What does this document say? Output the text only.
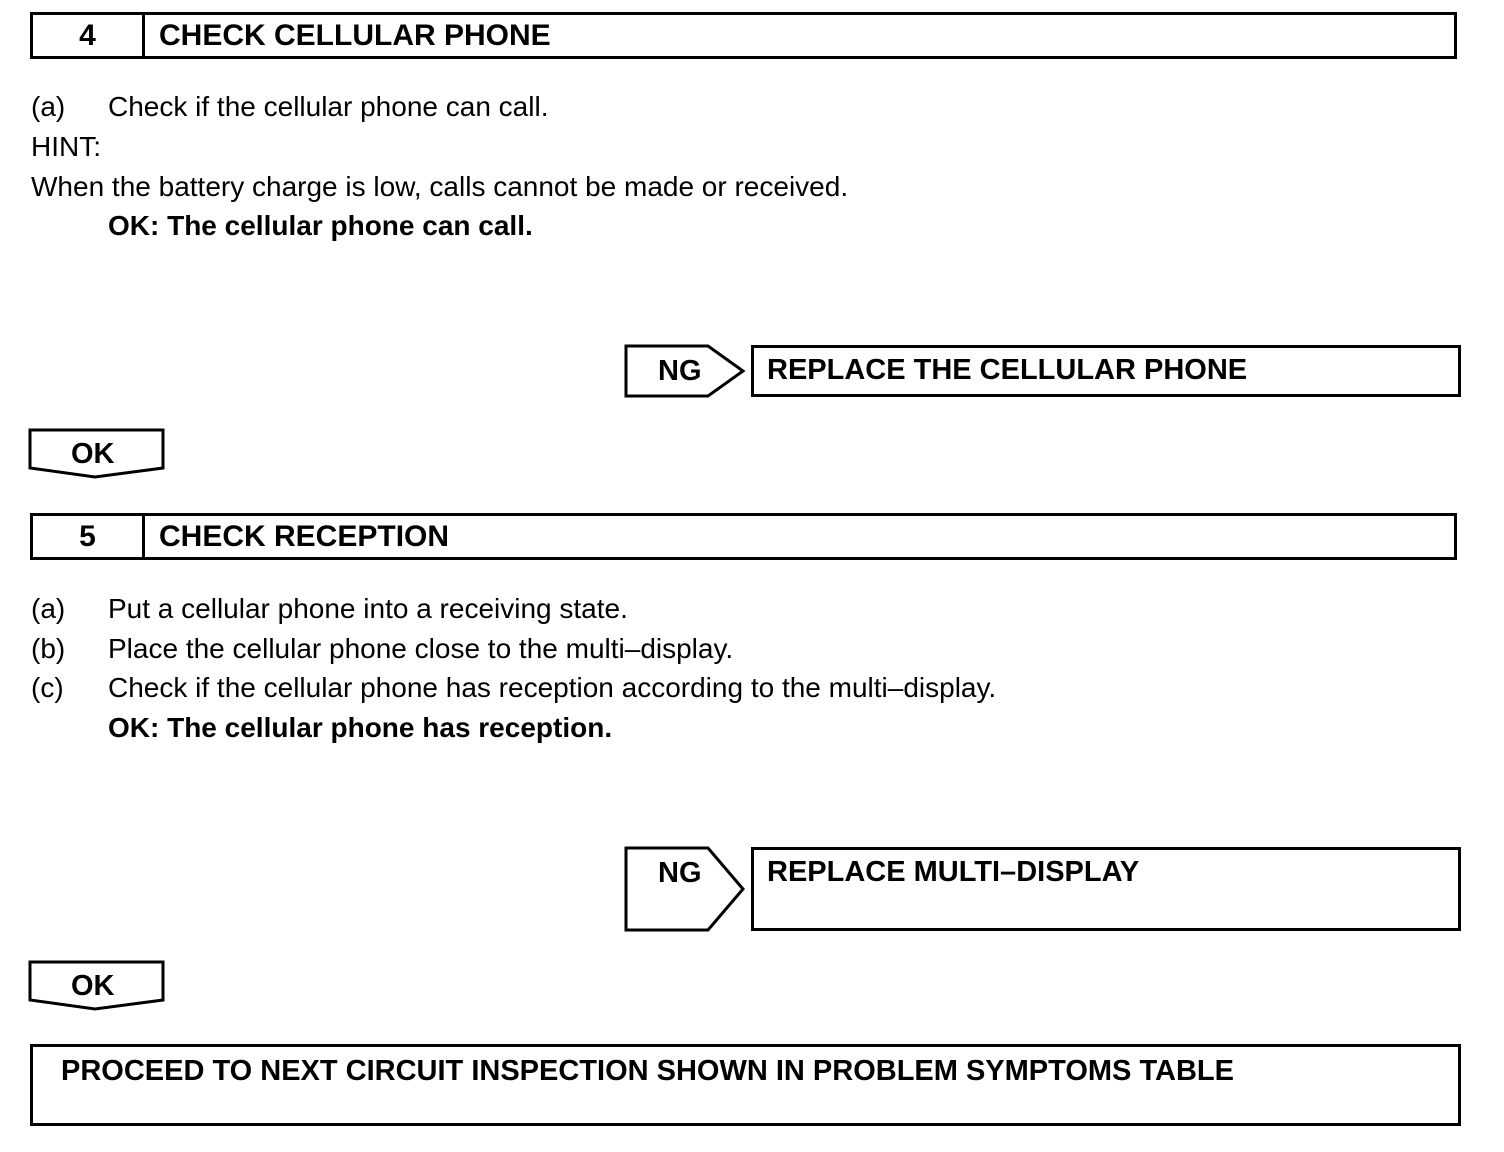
4	CHECK CELLULAR PHONE
(a) Check if the cellular phone can call.
HINT:
When the battery charge is low, calls cannot be made or received.
OK: The cellular phone can call.
NG REPLACE THE CELLULAR PHONE
OK
5	CHECK RECEPTION
(a) Put a cellular phone into a receiving state.
(b) Place the cellular phone close to the multi–display.
(c) Check if the cellular phone has reception according to the multi–display.
OK: The cellular phone has reception.
NG REPLACE MULTI–DISPLAY
OK
PROCEED TO NEXT CIRCUIT INSPECTION SHOWN IN PROBLEM SYMPTOMS TABLE
